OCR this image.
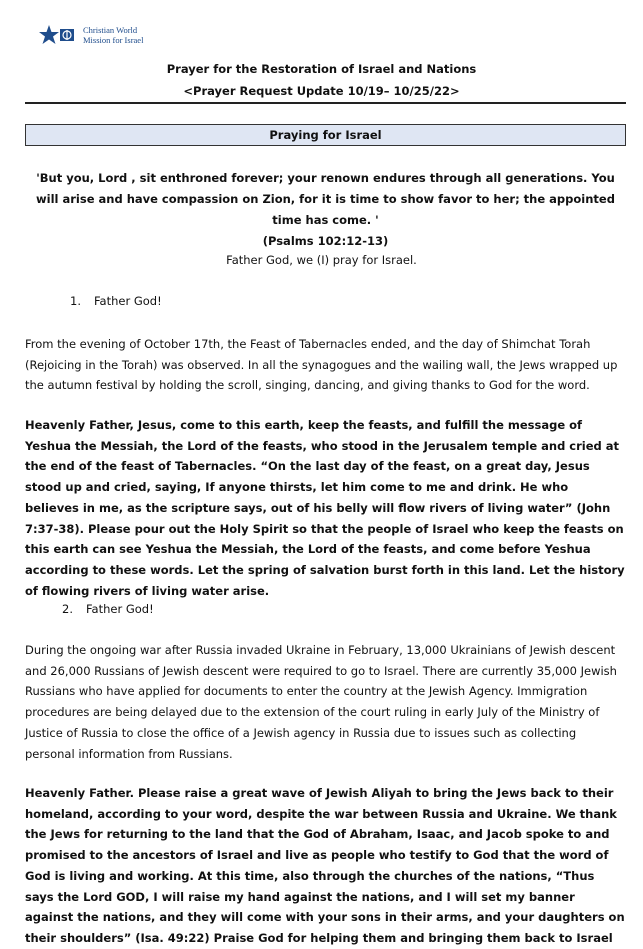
Christian World
Mission for Israel
Prayer for the Restoration of Israel and Nations
<Prayer Request Update 10/19– 10/25/22>
Praying for Israel
'But you, Lord , sit enthroned forever; your renown endures through all generations. You will arise and have compassion on Zion, for it is time to show favor to her; the appointed time has come. '
(Psalms 102:12-13)
Father God, we (I) pray for Israel.
1. Father God!
From the evening of October 17th, the Feast of Tabernacles ended, and the day of Shimchat Torah (Rejoicing in the Torah) was observed. In all the synagogues and the wailing wall, the Jews wrapped up the autumn festival by holding the scroll, singing, dancing, and giving thanks to God for the word.
Heavenly Father, Jesus, come to this earth, keep the feasts, and fulfill the message of Yeshua the Messiah, the Lord of the feasts, who stood in the Jerusalem temple and cried at the end of the feast of Tabernacles. “On the last day of the feast, on a great day, Jesus stood up and cried, saying, If anyone thirsts, let him come to me and drink. He who believes in me, as the scripture says, out of his belly will flow rivers of living water” (John 7:37-38). Please pour out the Holy Spirit so that the people of Israel who keep the feasts on this earth can see Yeshua the Messiah, the Lord of the feasts, and come before Yeshua according to these words. Let the spring of salvation burst forth in this land. Let the history of flowing rivers of living water arise.
2. Father God!
During the ongoing war after Russia invaded Ukraine in February, 13,000 Ukrainians of Jewish descent and 26,000 Russians of Jewish descent were required to go to Israel. There are currently 35,000 Jewish Russians who have applied for documents to enter the country at the Jewish Agency. Immigration procedures are being delayed due to the extension of the court ruling in early July of the Ministry of Justice of Russia to close the office of a Jewish agency in Russia due to issues such as collecting personal information from Russians.
Heavenly Father. Please raise a great wave of Jewish Aliyah to bring the Jews back to their homeland, according to your word, despite the war between Russia and Ukraine. We thank the Jews for returning to the land that the God of Abraham, Isaac, and Jacob spoke to and promised to the ancestors of Israel and live as people who testify to God that the word of God is living and working. At this time, also through the churches of the nations, “Thus says the Lord GOD, I will raise my hand against the nations, and I will set my banner against the nations, and they will come with your sons in their arms, and your daughters on their shoulders” (Isa. 49:22) Praise God for helping them and bringing them back to Israel
